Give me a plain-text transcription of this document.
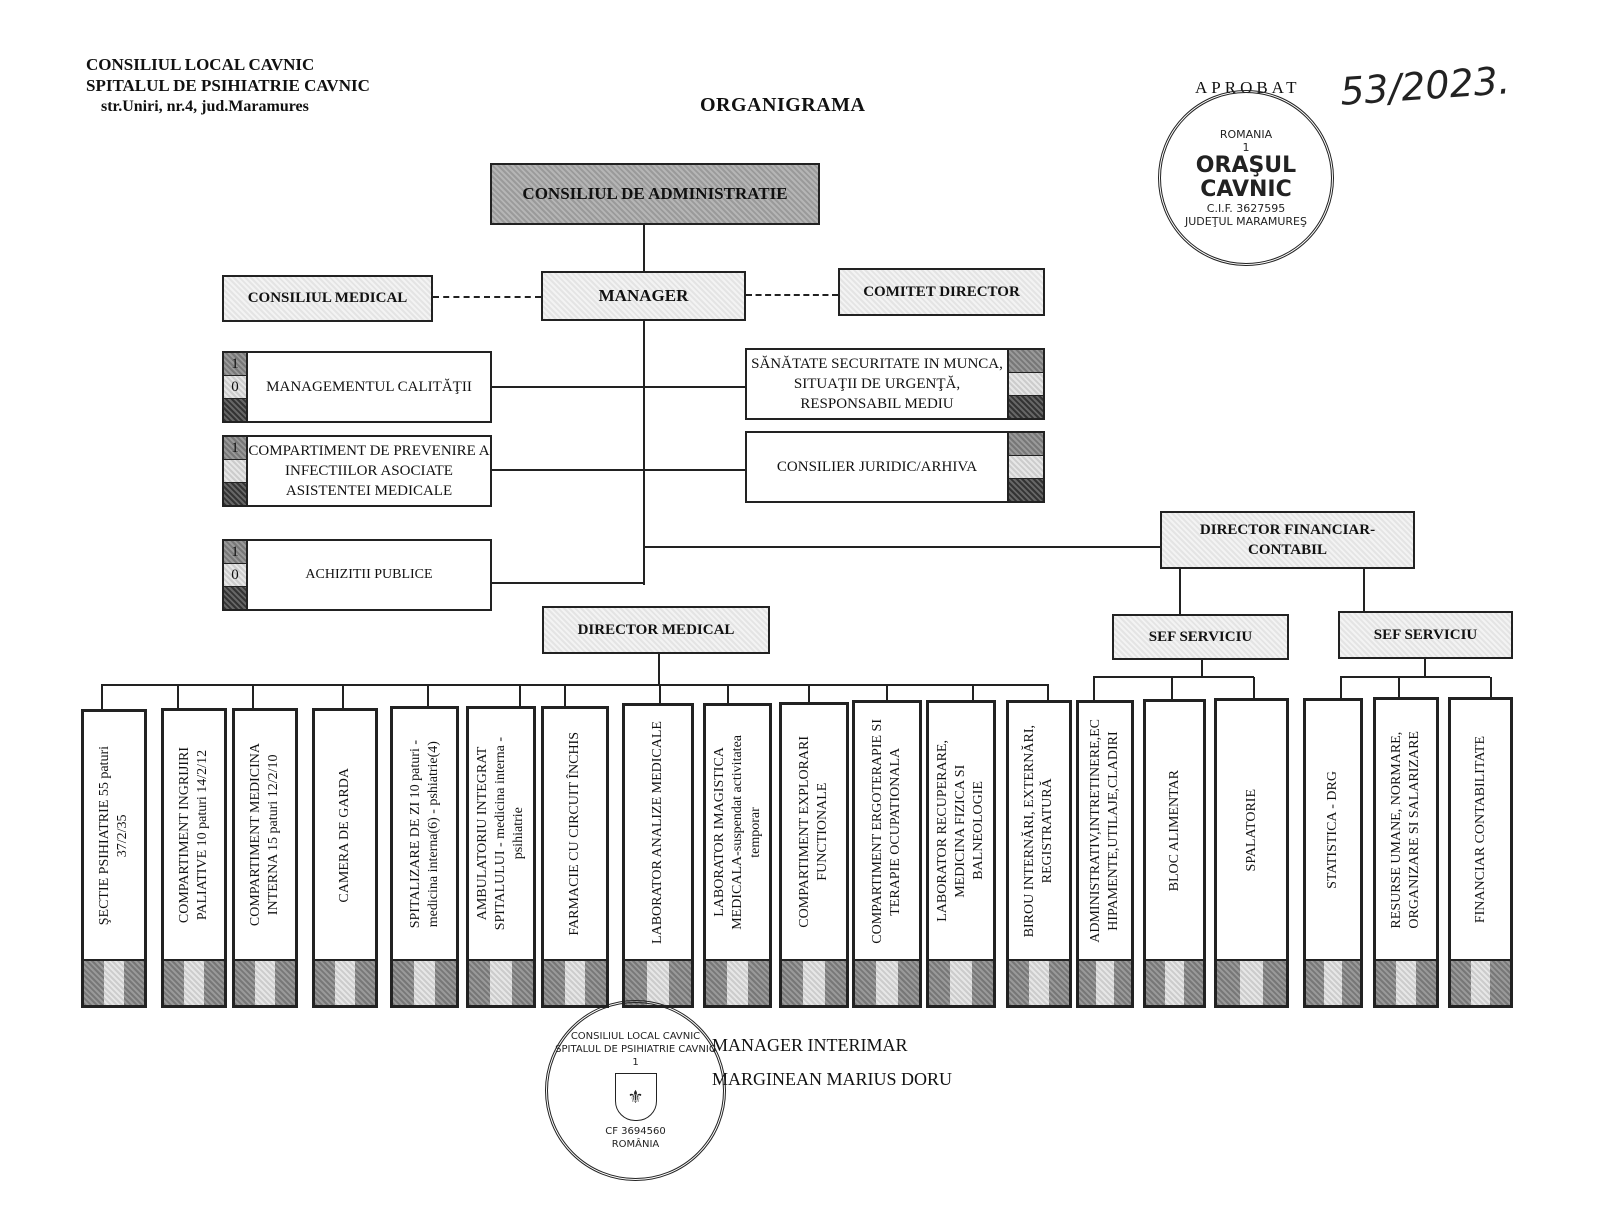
CONSILIUL LOCAL CAVNIC
SPITALUL DE PSIHIATRIE CAVNIC
str.Uniri, nr.4, jud.Maramures	ORGANIGRAMA
APROBAT 53/2023.
ROMANIA
1
ORAŞUL
CAVNIC
C.I.F. 3627595
JUDEŢUL MARAMUREŞ
CONSILIUL DE ADMINISTRATIE
MANAGER
CONSILIUL MEDICAL	COMITET DIRECTOR
1
0	MANAGEMENTUL CALITĂŢII
1 COMPARTIMENT DE PREVENIRE A INFECTIILOR ASOCIATE ASISTENTEI MEDICALE
1
0	ACHIZITII PUBLICE
SĂNĂTATE SECURITATE IN MUNCA, SITUAŢII DE URGENŢĂ, RESPONSABIL MEDIU
CONSILIER JURIDIC/ARHIVA
DIRECTOR FINANCIAR-CONTABIL
SEF SERVICIU	SEF SERVICIU
DIRECTOR MEDICAL
ŞECTIE PSIHIATRIE 55 paturi
37/2/35	COMPARTIMENT INGRIJIRI
PALIATIVE 10 paturi 14/2/12
COMPARTIMENT MEDICINA
INTERNA 15 paturi 12/2/10	CAMERA DE GARDA	SPITALIZARE DE ZI 10 paturi -
medicina interna(6) - pshiatrie(4)
AMBULATORIU INTEGRAT
SPITALULUI - medicina interna -
psihiatrie	FARMACIE CU CIRCUIT ÎNCHIS	LABORATOR ANALIZE MEDICALE	LABORATOR IMAGISTICA
MEDICALA-suspendat activitatea
temporar COMPARTIMENT EXPLORARI
FUNCTIONALE
COMPARTIMENT ERGOTERAPIE SI
TERAPIE OCUPATIONALA
LABORATOR RECUPERARE,
MEDICINA FIZICA SI
BALNEOLOGIE
BIROU INTERNĂRI, EXTERNĂRI,
REGISTRATURĂ ADMINISTRATIV,INTRETINERE,EC
HIPAMENTE,UTILAJE,CLADIRI	BLOC ALIMENTAR	SPALATORIE	STATISTICA - DRG
RESURSE UMANE, NORMARE,
ORGANIZARE SI SALARIZARE	FINANCIAR CONTABILITATE
MANAGER INTERIMAR
MARGINEAN MARIUS DORU
CONSILIUL LOCAL CAVNIC
SPITALUL DE PSIHIATRIE CAVNIC
1
⚜
CF 3694560
ROMÂNIA
